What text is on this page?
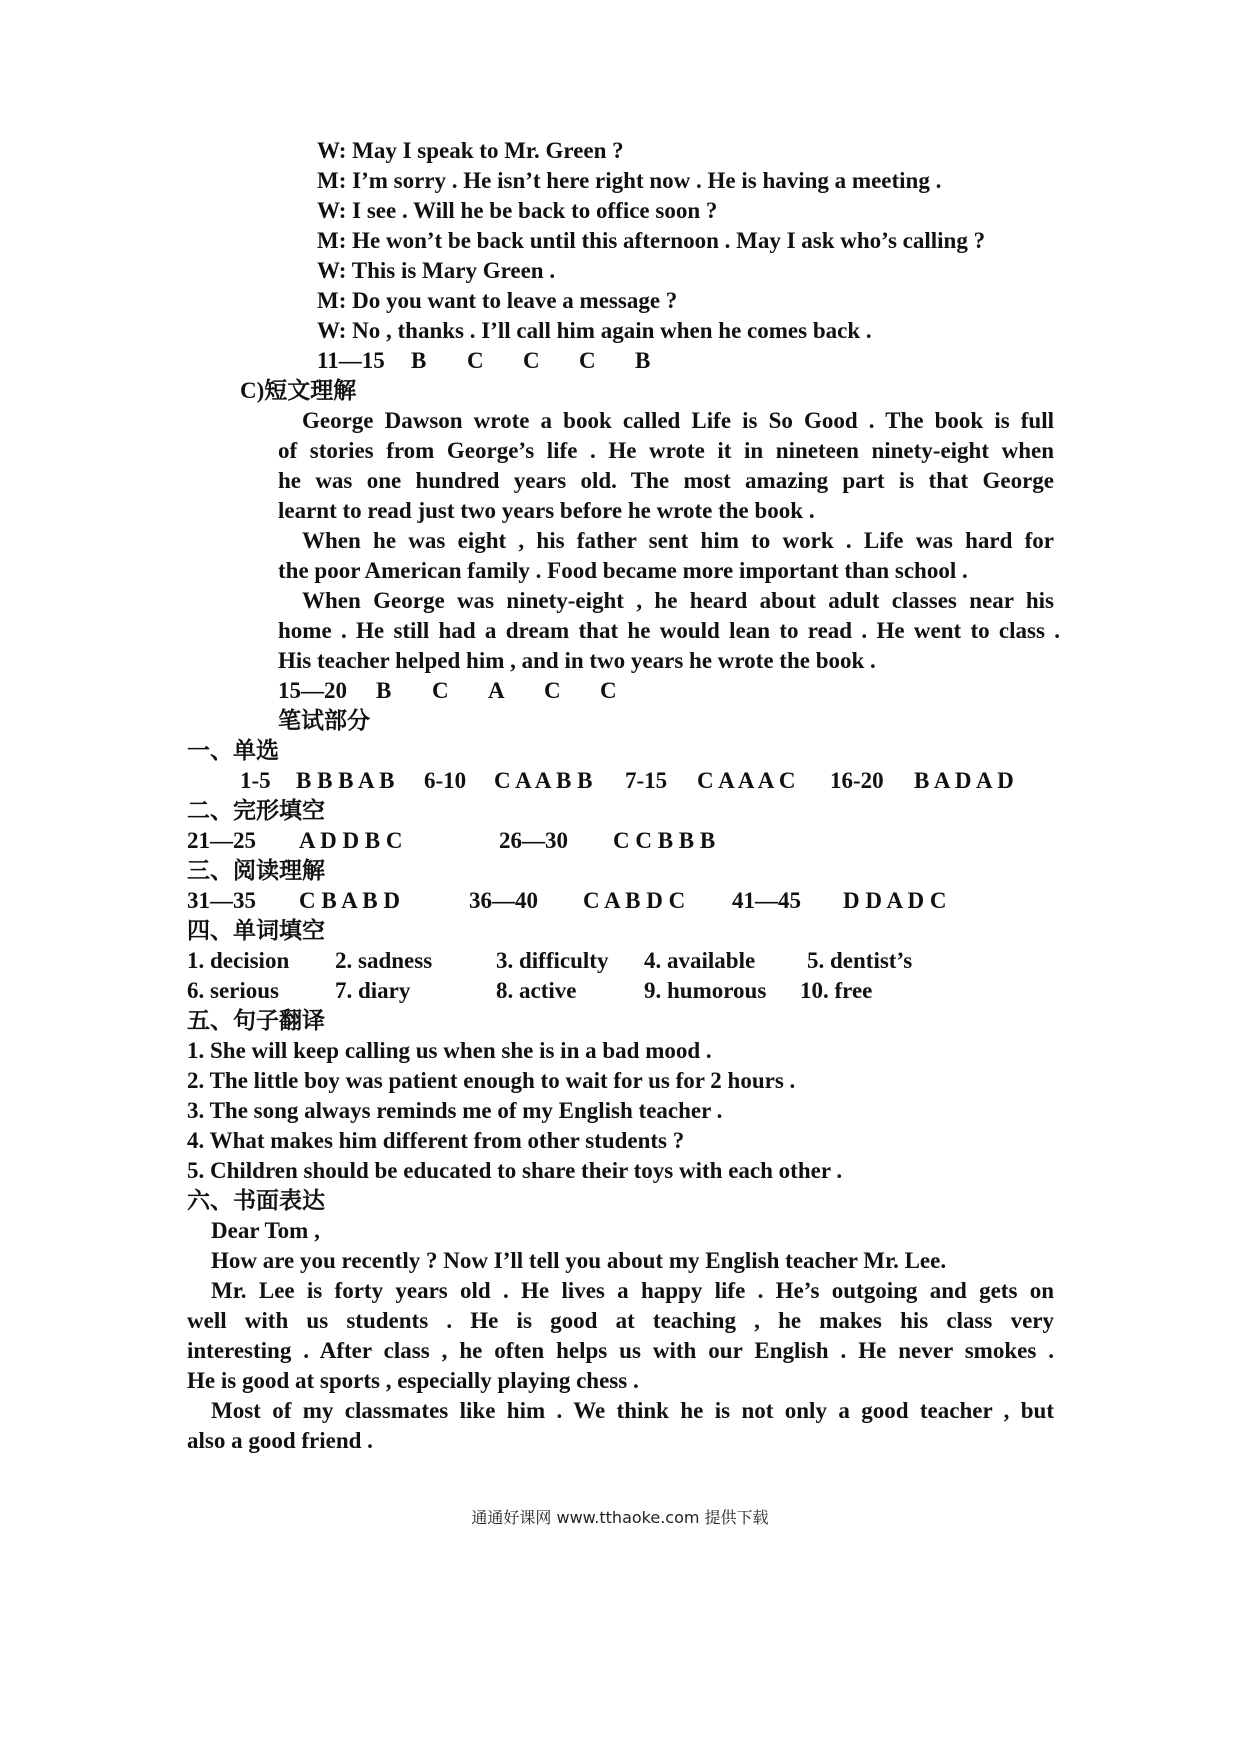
W: May I speak to Mr. Green ?
M: I’m sorry . He isn’t here right now . He is having a meeting .
W: I see . Will he be back to office soon ?
M: He won’t be back until this afternoon . May I ask who’s calling ?
W: This is Mary Green .
M: Do you want to leave a message ?
W: No , thanks . I’ll call him again when he comes back .
11—15 B C C C B
C)短文理解
George Dawson wrote a book called Life is So Good . The book is full
of stories from George’s life . He wrote it in nineteen ninety-eight when
he was one hundred years old. The most amazing part is that George
learnt to read just two years before he wrote the book .
When he was eight , his father sent him to work . Life was hard for
the poor American family . Food became more important than school .
When George was ninety-eight , he heard about adult classes near his
home . He still had a dream that he would lean to read . He went to class .
His teacher helped him , and in two years he wrote the book .
15—20 B C A C C
笔试部分
一、单选
1-5 B B B A B 6-10 C A A B B 7-15 C A A A C 16-20 B A D A D
二、完形填空
21—25 A D D B C	26—30 C C B B B
三、阅读理解
31—35 C B A B D	36—40 C A B D C 41—45 D D A D C
四、单词填空
1. decision 2. sadness	3. difficulty 4. available 5. dentist’s
6. serious 7. diary	8. active	9. humorous 10. free
五、句子翻译
1. She will keep calling us when she is in a bad mood .
2. The little boy was patient enough to wait for us for 2 hours .
3. The song always reminds me of my English teacher .
4. What makes him different from other students ?
5. Children should be educated to share their toys with each other .
六、书面表达
Dear Tom ,
How are you recently ? Now I’ll tell you about my English teacher Mr. Lee.
Mr. Lee is forty years old . He lives a happy life . He’s outgoing and gets on
well with us students . He is good at teaching , he makes his class very
interesting . After class , he often helps us with our English . He never smokes .
He is good at sports , especially playing chess .
Most of my classmates like him . We think he is not only a good teacher , but
also a good friend .
通通好课网 www.tthaoke.com 提供下载
